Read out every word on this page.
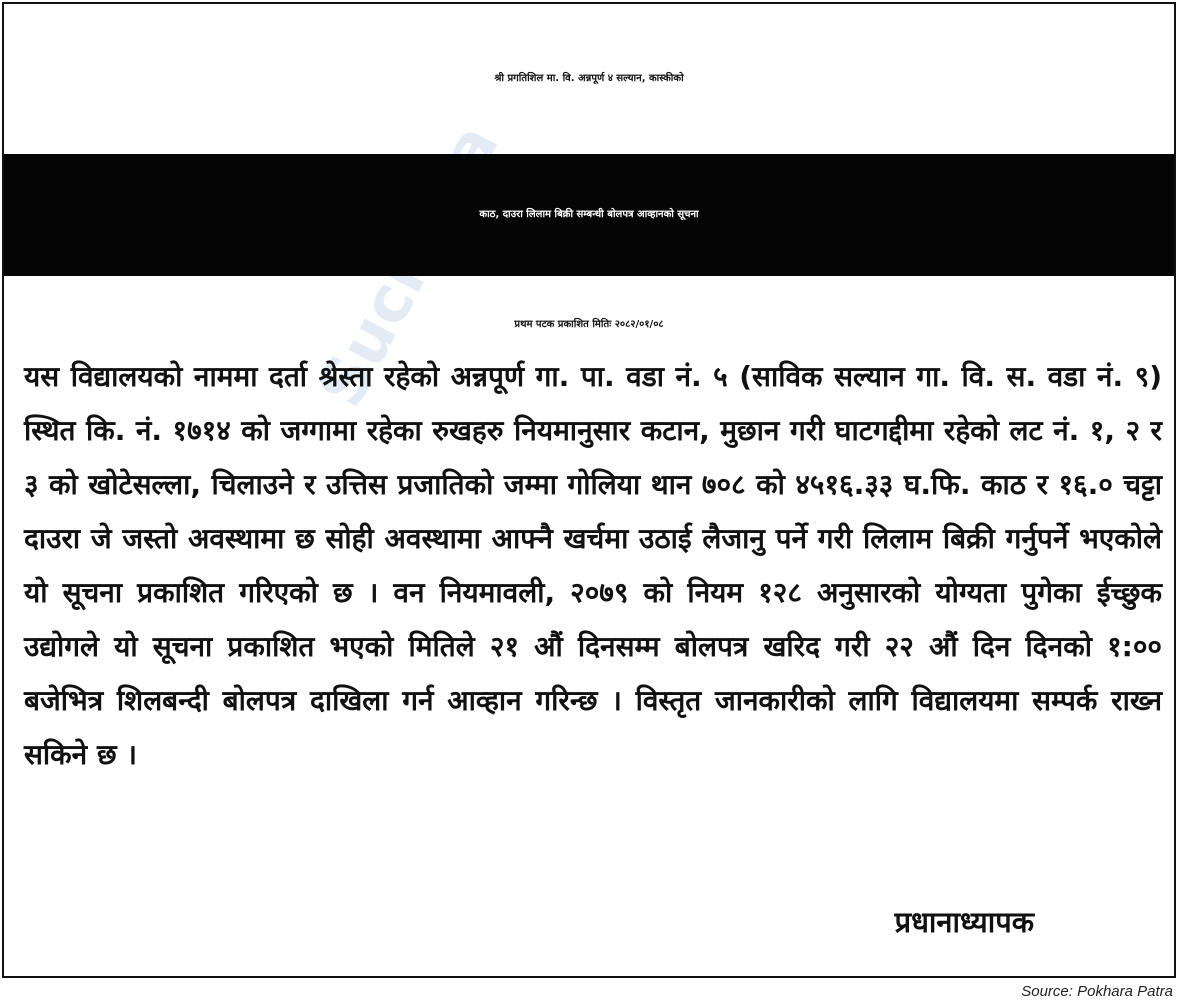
श्री प्रगतिशिल मा. वि. अन्नपूर्ण ४ सल्यान, कास्कीको
काठ, दाउरा लिलाम बिक्री सम्बन्धी बोलपत्र आव्हानको सूचना
प्रथम पटक प्रकाशित मितिः २०८२/०१/०८

यस विद्यालयको नाममा दर्ता श्रेस्ता रहेको अन्नपूर्ण गा. पा. वडा नं. ५ (साविक सल्यान गा. वि. स. वडा नं. ९) स्थित कि. नं. १७१४ को जग्गामा रहेका रुखहरु नियमानुसार कटान, मुछान गरी घाटगद्दीमा रहेको लट नं. १, २ र ३ को खोटेसल्ला, चिलाउने र उत्तिस प्रजातिको जम्मा गोलिया थान ७०८ को ४५१६.३३ घ.फि. काठ र १६.० चट्टा दाउरा जे जस्तो अवस्थामा छ सोही अवस्थामा आफ्नै खर्चमा उठाई लैजानु पर्ने गरी लिलाम बिक्री गर्नुपर्ने भएकोले यो सूचना प्रकाशित गरिएको छ । वन नियमावली, २०७९ को नियम १२८ अनुसारको योग्यता पुगेका ईच्छुक उद्योगले यो सूचना प्रकाशित भएको मितिले २१ औं दिनसम्म बोलपत्र खरिद गरी २२ औं दिन दिनको १:०० बजेभित्र शिलबन्दी बोलपत्र दाखिला गर्न आव्हान गरिन्छ । विस्तृत जानकारीको लागि विद्यालयमा सम्पर्क राख्न सकिने छ ।

प्रधानाध्यापक
Source: Pokhara Patra
